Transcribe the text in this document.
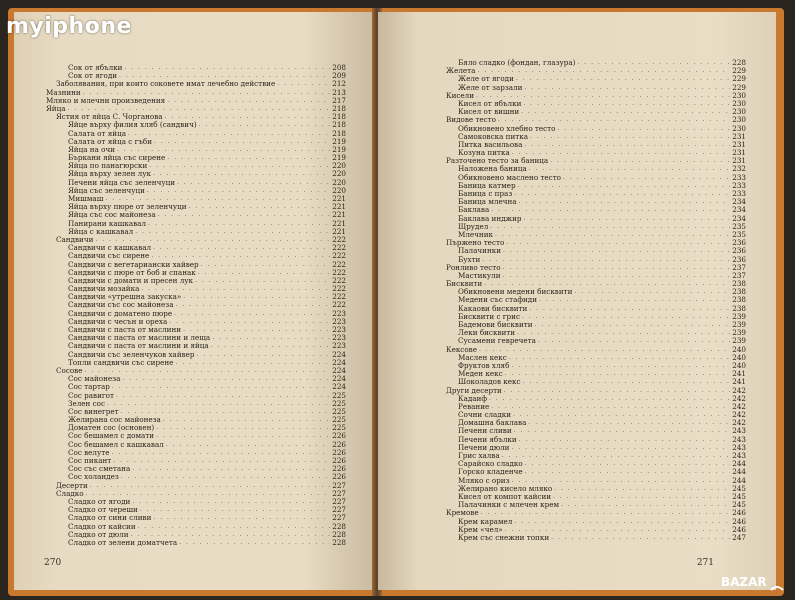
myiphone
Сок от ябълки . . .	208
Сок от ягоди . . .	209
Заболявания, при които соковете имат лечебно действие . . .	212
Мазнини . . .	213
Мляко и млечни произведения . . .	217
Яйца . . .	218
Ястия от яйца С. Чорганова . . .	218
Яйце върху филия хляб (сандвич) . . .	218
Салата от яйца . . .	218
Салата от яйца с гъби . . .	219
Яйца на очи . . .	219
Бъркани яйца със сирене . . .	219
Яйца по панагюрски . . .	220
Яйца върху зелен лук . . .	220
Печени яйца със зеленчуци . . .	220
Яйца със зеленчуци . . .	220
Мишмаш . . .	221
Яйца върху пюре от зеленчуци . . .	221
Яйца със сос майонеза . . .	221
Панирани кашкавал . . .	221
Яйца с кашкавал . . .	221
Сандвичи . . .	222
Сандвичи с кашкавал . . .	222
Сандвичи със сирене . . .	222
Сандвичи с вегетариански хайвер . . .	222
Сандвичи с пюре от боб и спанак . . .	222
Сандвичи с домати и пресен лук . . .	222
Сандвичи мозайка . . .	222
Сандвичи «утрешна закуска» . . .	222
Сандвичи със сос майонеза . . .	222
Сандвичи с доматено пюре . . .	223
Сандвичи с чесън и ореха . . .	223
Сандвичи с паста от маслини . . .	223
Сандвичи с паста от маслини и леща . . .	223
Сандвичи с паста от маслини и яйца . . .	223
Сандвичи със зеленчуков хайвер . . .	224
Топли сандвичи със сирене . . .	224
Сосове . . .	224
Сос майонеза . . .	224
Сос тартар . . .	224
Сос равигот . . .	225
Зелен сос . . .	225
Сос винегрет . . .	225
Желирана сос майонеза . . .	225
Доматен сос (основен) . . .	225
Сос бешамел с домати . . .	226
Сос бешамел с кашкавал . . .	226
Сос велуте . . .	226
Сос пикант . . .	226
Сос със сметана . . .	226
Сос холандез . . .	226
Десерти . . .	227
Сладко . . .	227
Сладко от ягоди . . .	227
Сладко от череши . . .	227
Сладко от сини сливи . . .	227
Сладко от кайсии . . .	228
Сладко от дюли . . .	228
Сладко от зелени доматчета . . .	228
270
Бяло сладко (фондан, глазура) . . .	228
Желета . . .	229
Желе от ягоди . . .	229
Желе от зарзали . . .	229
Кисели . . .	230
Кисел от ябълки . . .	230
Кисел от вишни . . .	230
Видове тесто . . .	230
Обикновено хлебно тесто . . .	230
Самоковска питка . . .	231
Питка васильова . . .	231
Козуна питка . . .	231
Разточено тесто за баница . . .	231
Наложена баница . . .	232
Обикновено маслено тесто . . .	233
Баница катмер . . .	233
Баница с праз . . .	233
Баница млечна . . .	234
Баклава . . .	234
Баклава инджир . . .	234
Щрудел . . .	235
Млечник . . .	235
Пържено тесто . . .	236
Палачинки . . .	236
Бухти . . .	236
Ронливо тесто . . .	237
Мастикули . . .	237
Бисквити . . .	238
Обикновени медени бисквити . . .	238
Медени със стафиди . . .	238
Какаови бисквити . . .	238
Бисквити с грис . . .	239
Бадемови бисквити . . .	239
Леки бисквити . . .	239
Сусамени гевречета . . .	239
Кексове . . .	240
Маслен кекс . . .	240
Фруктов хляб . . .	240
Меден кекс . . .	241
Шоколадов кекс . . .	241
Други десерти . . .	242
Кадаиф . . .	242
Ревание . . .	242
Сочни сладки . . .	242
Домашна баклава . . .	242
Печени сливи . . .	243
Печени ябълки . . .	243
Печени дюли . . .	243
Грис халва . . .	243
Сарайско сладко . . .	244
Горско кладенче . . .	244
Мляко с ориз . . .	244
Желирано кисело мляко . . .	245
Кисел от компот кайсии . . .	245
Палачинки с млечен крем . . .	245
Кремове . . .	246
Крем карамел . . .	246
Крем «чел» . . .	246
Крем със снежни топки . . .	247
271
BAZAR
